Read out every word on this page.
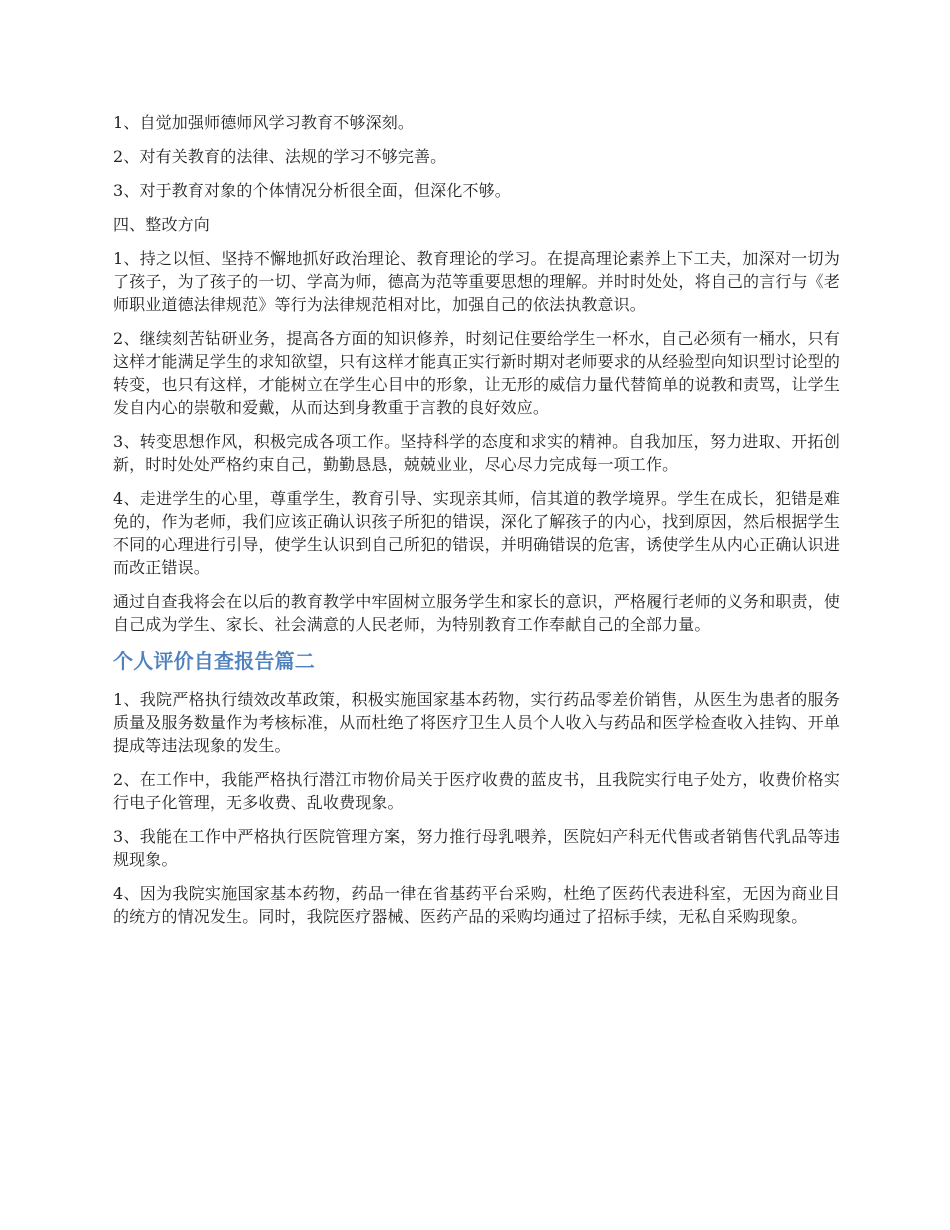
1、自觉加强师德师风学习教育不够深刻。

2、对有关教育的法律、法规的学习不够完善。

3、对于教育对象的个体情况分析很全面，但深化不够。

四、整改方向

1、持之以恒、坚持不懈地抓好政治理论、教育理论的学习。在提高理论素养上下工夫，加深对一切为了孩子，为了孩子的一切、学高为师，德高为范等重要思想的理解。并时时处处，将自己的言行与《老师职业道德法律规范》等行为法律规范相对比，加强自己的依法执教意识。

2、继续刻苦钻研业务，提高各方面的知识修养，时刻记住要给学生一杯水，自己必须有一桶水，只有这样才能满足学生的求知欲望，只有这样才能真正实行新时期对老师要求的从经验型向知识型讨论型的转变，也只有这样，才能树立在学生心目中的形象，让无形的威信力量代替简单的说教和责骂，让学生发自内心的崇敬和爱戴，从而达到身教重于言教的良好效应。

3、转变思想作风，积极完成各项工作。坚持科学的态度和求实的精神。自我加压，努力进取、开拓创新，时时处处严格约束自己，勤勤恳恳，兢兢业业，尽心尽力完成每一项工作。

4、走进学生的心里，尊重学生，教育引导、实现亲其师，信其道的教学境界。学生在成长，犯错是难免的，作为老师，我们应该正确认识孩子所犯的错误，深化了解孩子的内心，找到原因，然后根据学生不同的心理进行引导，使学生认识到自己所犯的错误，并明确错误的危害，诱使学生从内心正确认识进而改正错误。

通过自查我将会在以后的教育教学中牢固树立服务学生和家长的意识，严格履行老师的义务和职责，使自己成为学生、家长、社会满意的人民老师，为特别教育工作奉献自己的全部力量。

个人评价自查报告篇二

1、我院严格执行绩效改革政策，积极实施国家基本药物，实行药品零差价销售，从医生为患者的服务质量及服务数量作为考核标准，从而杜绝了将医疗卫生人员个人收入与药品和医学检查收入挂钩、开单提成等违法现象的发生。

2、在工作中，我能严格执行潜江市物价局关于医疗收费的蓝皮书，且我院实行电子处方，收费价格实行电子化管理，无多收费、乱收费现象。

3、我能在工作中严格执行医院管理方案，努力推行母乳喂养，医院妇产科无代售或者销售代乳品等违规现象。

4、因为我院实施国家基本药物，药品一律在省基药平台采购，杜绝了医药代表进科室，无因为商业目的统方的情况发生。同时，我院医疗器械、医药产品的采购均通过了招标手续，无私自采购现象。
